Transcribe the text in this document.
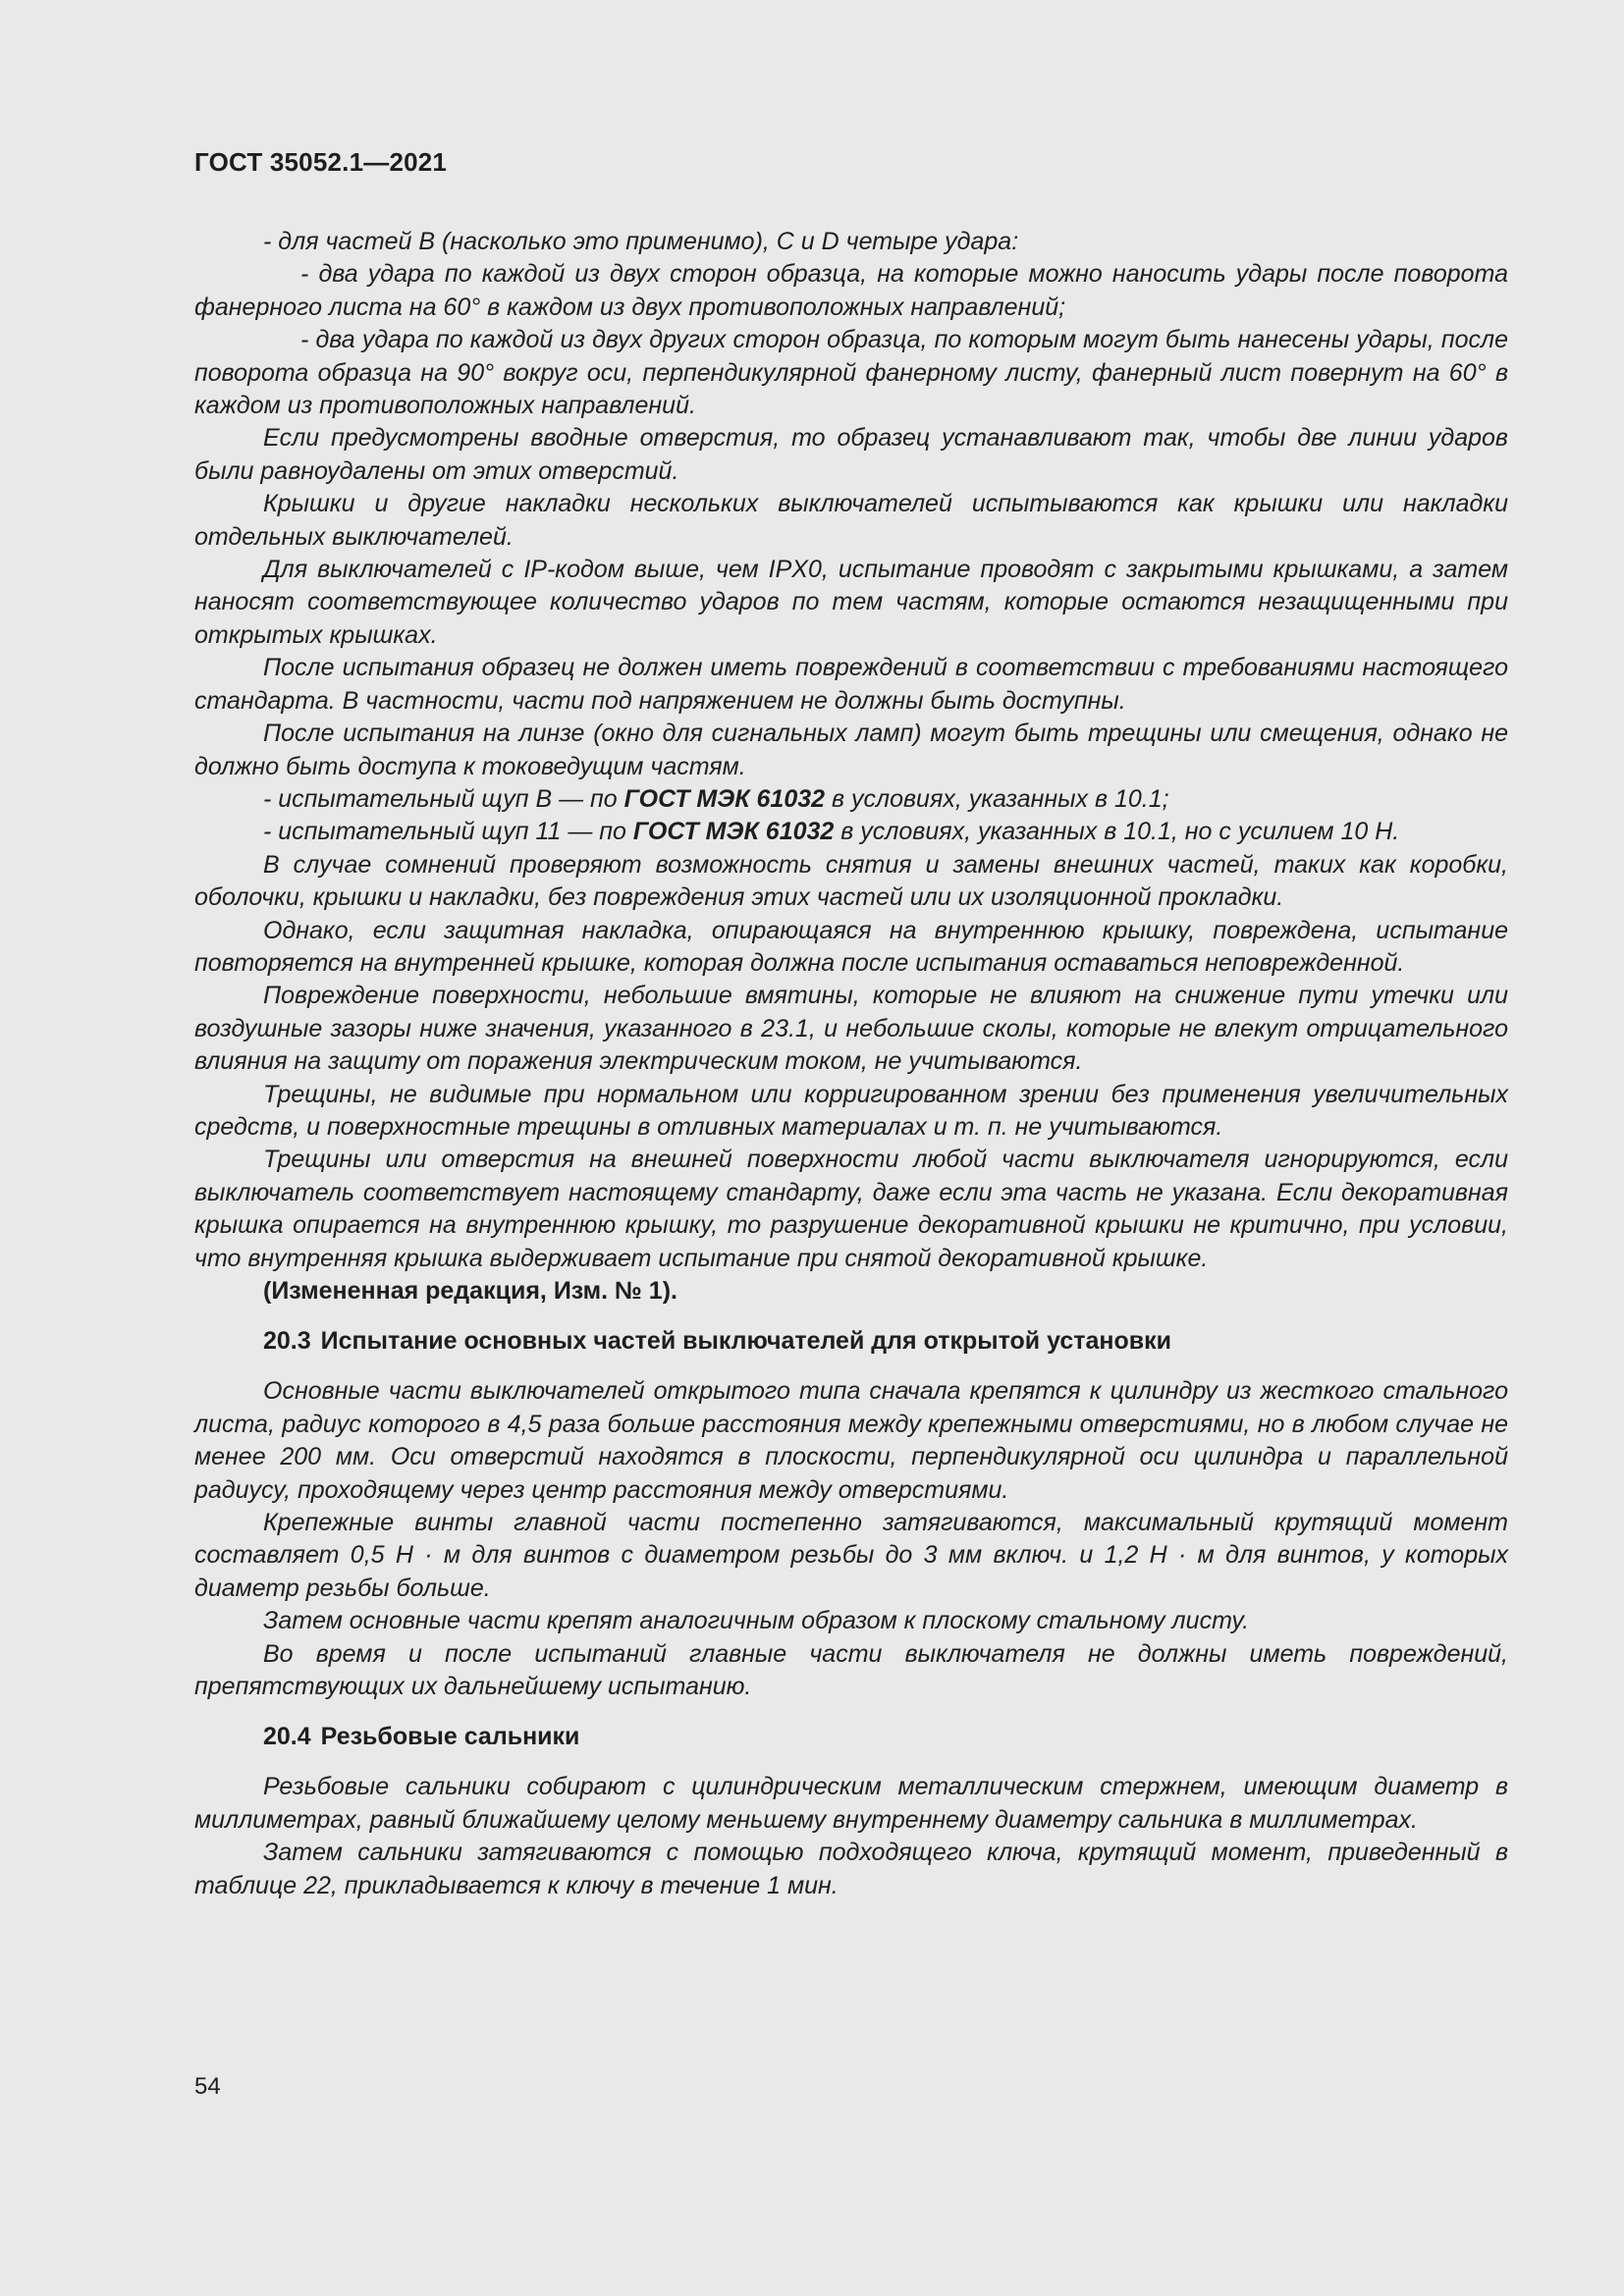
ГОСТ 35052.1—2021

- для частей B (насколько это применимо), C и D четыре удара:

- два удара по каждой из двух сторон образца, на которые можно наносить удары после поворота фанерного листа на 60° в каждом из двух противоположных направлений;

- два удара по каждой из двух других сторон образца, по которым могут быть нанесены удары, после поворота образца на 90° вокруг оси, перпендикулярной фанерному листу, фанерный лист повернут на 60° в каждом из противоположных направлений.

Если предусмотрены вводные отверстия, то образец устанавливают так, чтобы две линии ударов были равноудалены от этих отверстий.

Крышки и другие накладки нескольких выключателей испытываются как крышки или накладки отдельных выключателей.

Для выключателей с IP-кодом выше, чем IPX0, испытание проводят с закрытыми крышками, а затем наносят соответствующее количество ударов по тем частям, которые остаются незащищенными при открытых крышках.

После испытания образец не должен иметь повреждений в соответствии с требованиями настоящего стандарта. В частности, части под напряжением не должны быть доступны.

После испытания на линзе (окно для сигнальных ламп) могут быть трещины или смещения, однако не должно быть доступа к токоведущим частям.

- испытательный щуп B — по ГОСТ МЭК 61032 в условиях, указанных в 10.1;

- испытательный щуп 11 — по ГОСТ МЭК 61032 в условиях, указанных в 10.1, но с усилием 10 Н.

В случае сомнений проверяют возможность снятия и замены внешних частей, таких как коробки, оболочки, крышки и накладки, без повреждения этих частей или их изоляционной прокладки.

Однако, если защитная накладка, опирающаяся на внутреннюю крышку, повреждена, испытание повторяется на внутренней крышке, которая должна после испытания оставаться неповрежденной.

Повреждение поверхности, небольшие вмятины, которые не влияют на снижение пути утечки или воздушные зазоры ниже значения, указанного в 23.1, и небольшие сколы, которые не влекут отрицательного влияния на защиту от поражения электрическим током, не учитываются.

Трещины, не видимые при нормальном или корригированном зрении без применения увеличительных средств, и поверхностные трещины в отливных материалах и т. п. не учитываются.

Трещины или отверстия на внешней поверхности любой части выключателя игнорируются, если выключатель соответствует настоящему стандарту, даже если эта часть не указана. Если декоративная крышка опирается на внутреннюю крышку, то разрушение декоративной крышки не критично, при условии, что внутренняя крышка выдерживает испытание при снятой декоративной крышке.

(Измененная редакция, Изм. № 1).

20.3 Испытание основных частей выключателей для открытой установки

Основные части выключателей открытого типа сначала крепятся к цилиндру из жесткого стального листа, радиус которого в 4,5 раза больше расстояния между крепежными отверстиями, но в любом случае не менее 200 мм. Оси отверстий находятся в плоскости, перпендикулярной оси цилиндра и параллельной радиусу, проходящему через центр расстояния между отверстиями.

Крепежные винты главной части постепенно затягиваются, максимальный крутящий момент составляет 0,5 Н · м для винтов с диаметром резьбы до 3 мм включ. и 1,2 Н · м для винтов, у которых диаметр резьбы больше.

Затем основные части крепят аналогичным образом к плоскому стальному листу.

Во время и после испытаний главные части выключателя не должны иметь повреждений, препятствующих их дальнейшему испытанию.

20.4 Резьбовые сальники

Резьбовые сальники собирают с цилиндрическим металлическим стержнем, имеющим диаметр в миллиметрах, равный ближайшему целому меньшему внутреннему диаметру сальника в миллиметрах.

Затем сальники затягиваются с помощью подходящего ключа, крутящий момент, приведенный в таблице 22, прикладывается к ключу в течение 1 мин.

54
